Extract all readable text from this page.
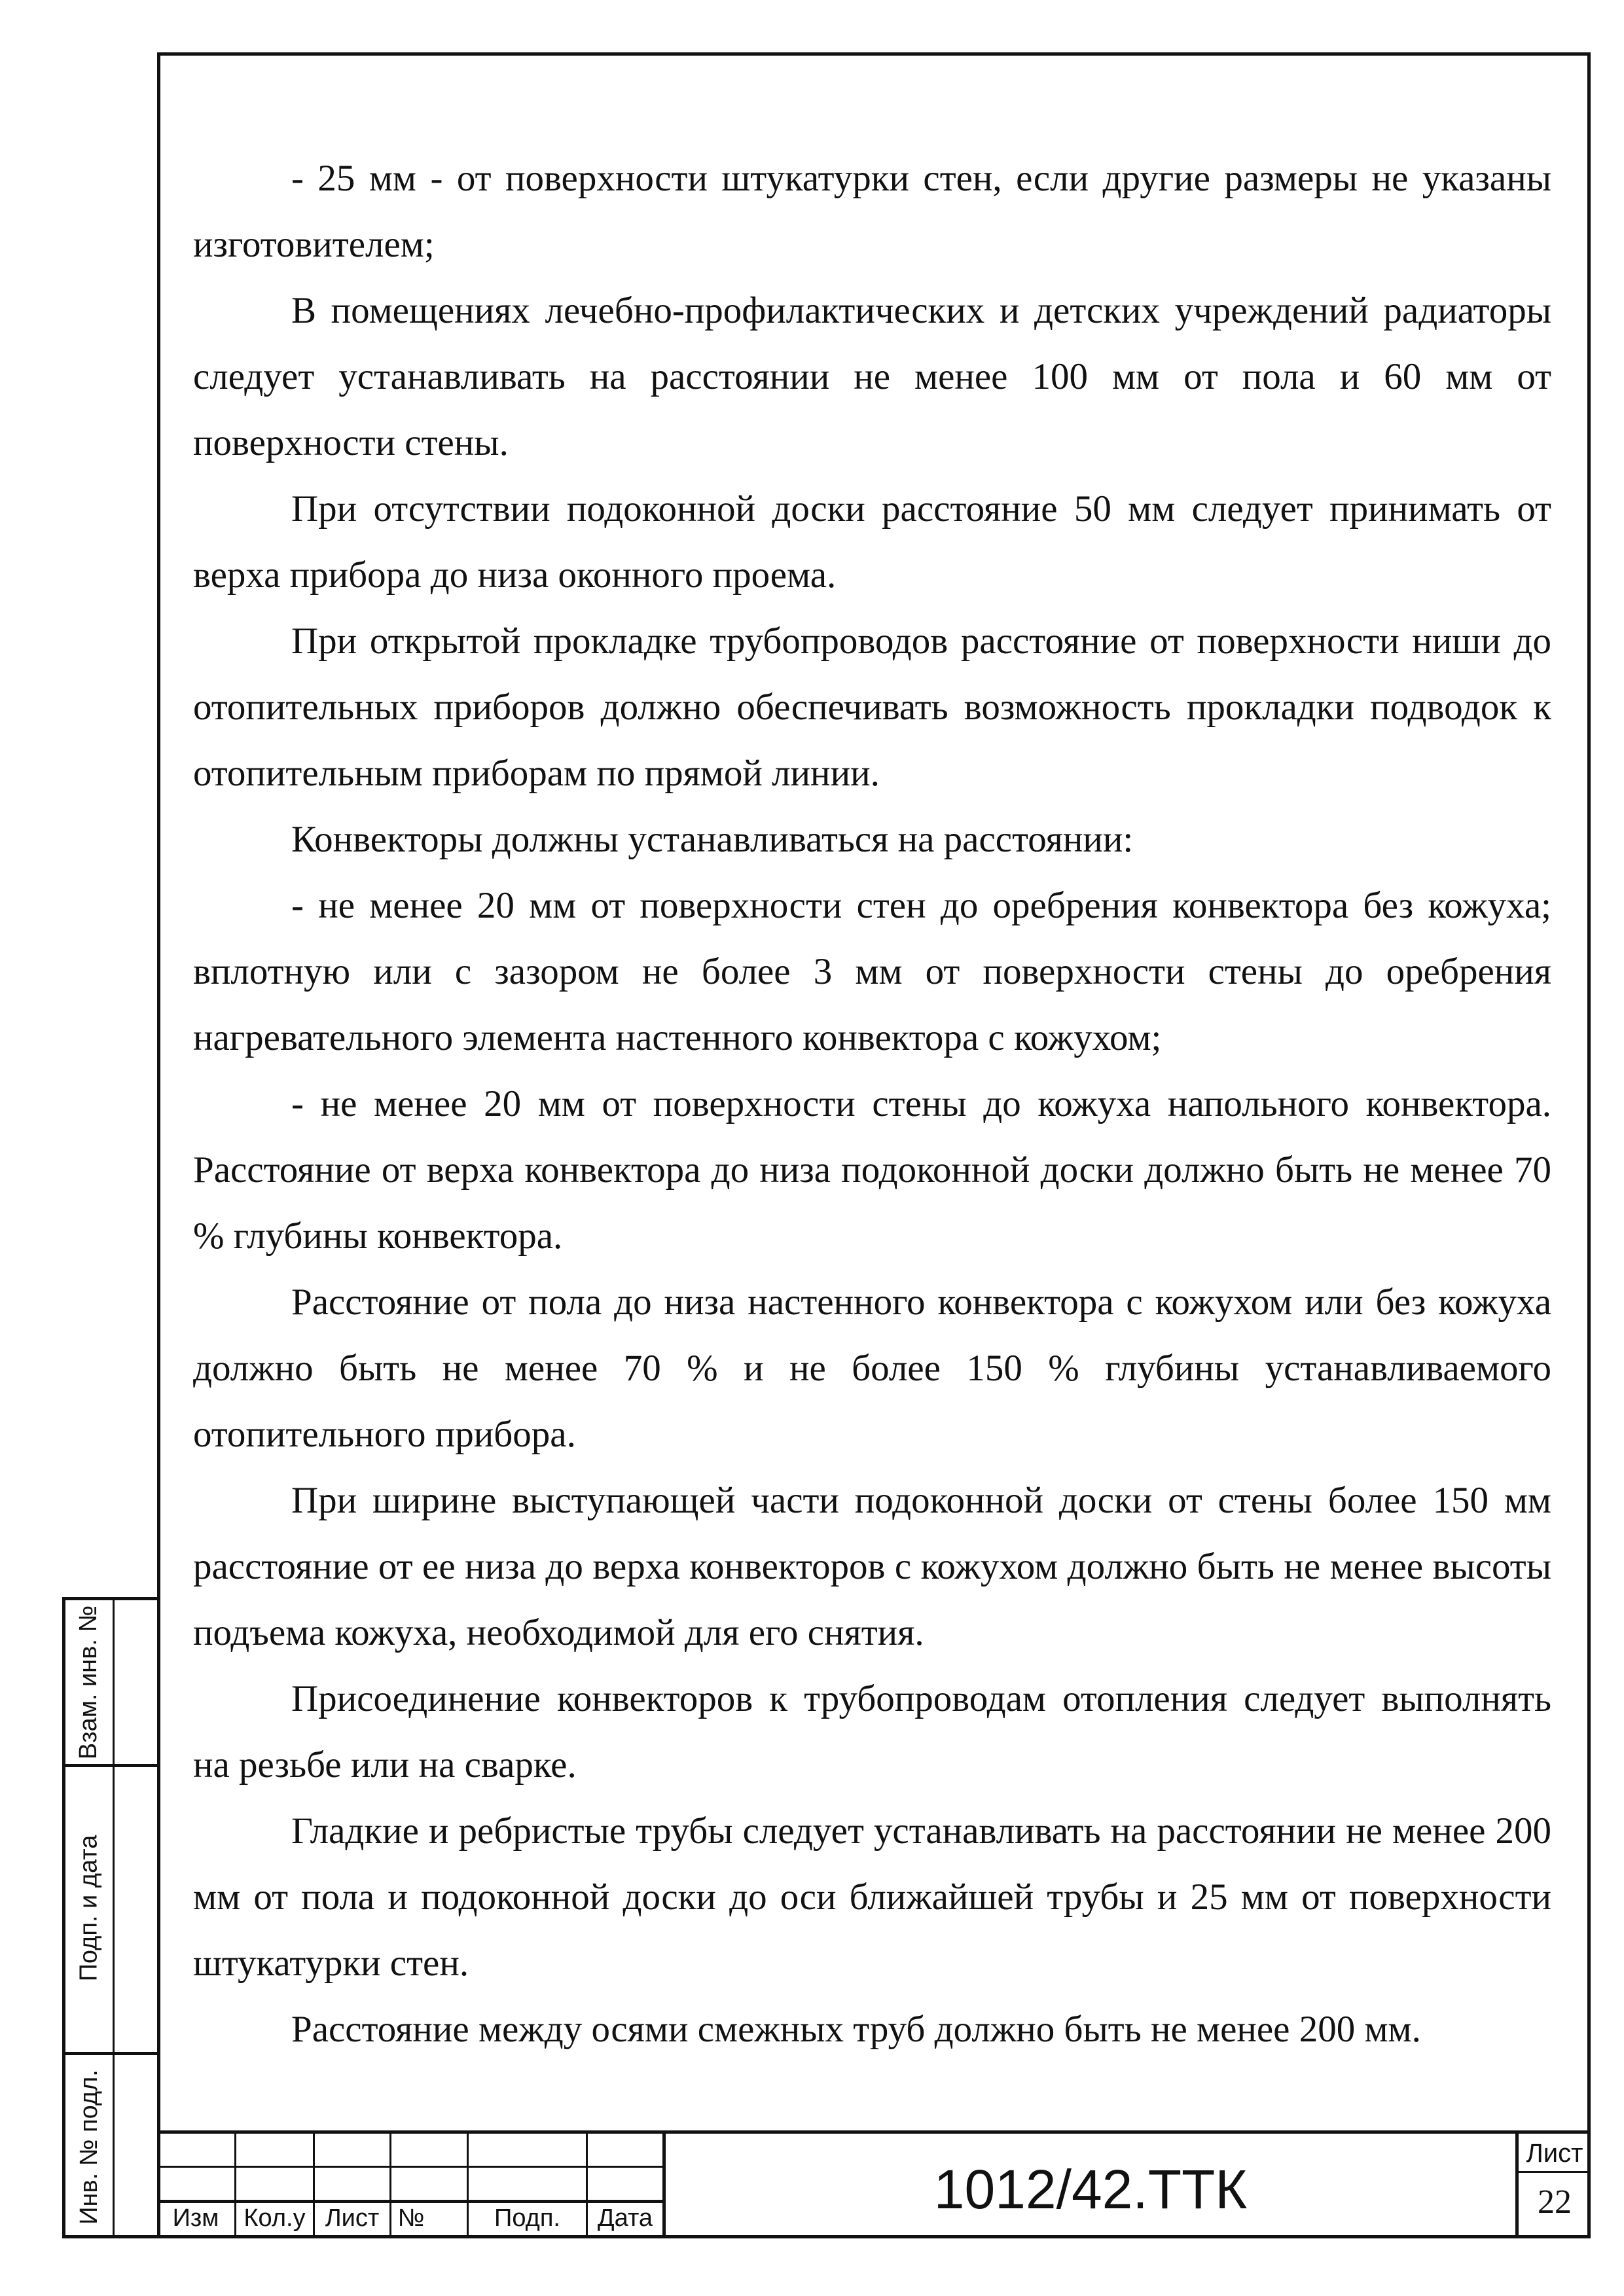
- 25 мм - от поверхности штукатурки стен, если другие размеры не указаны изготовителем;

В помещениях лечебно-профилактических и детских учреждений радиаторы следует устанавливать на расстоянии не менее 100 мм от пола и 60 мм от поверхности стены.

При отсутствии подоконной доски расстояние 50 мм следует принимать от верха прибора до низа оконного проема.

При открытой прокладке трубопроводов расстояние от поверхности ниши до отопительных приборов должно обеспечивать возможность прокладки подводок к отопительным приборам по прямой линии.

Конвекторы должны устанавливаться на расстоянии:

- не менее 20 мм от поверхности стен до оребрения конвектора без кожуха; вплотную или с зазором не более 3 мм от поверхности стены до оребрения нагревательного элемента настенного конвектора с кожухом;

- не менее 20 мм от поверхности стены до кожуха напольного конвектора. Расстояние от верха конвектора до низа подоконной доски должно быть не менее 70 % глубины конвектора.

Расстояние от пола до низа настенного конвектора с кожухом или без кожуха должно быть не менее 70 % и не более 150 % глубины устанавливаемого отопительного прибора.

При ширине выступающей части подоконной доски от стены более 150 мм расстояние от ее низа до верха конвекторов с кожухом должно быть не менее высоты подъема кожуха, необходимой для его снятия.

Присоединение конвекторов к трубопроводам отопления следует выполнять на резьбе или на сварке.

Гладкие и ребристые трубы следует устанавливать на расстоянии не менее 200 мм от пола и подоконной доски до оси ближайшей трубы и 25 мм от поверхности штукатурки стен.

Расстояние между осями смежных труб должно быть не менее 200 мм.

Взам. инв. №
Подп. и дата
Инв. № подл.	Изм Кол.у Лист №	Подп.	Дата	1012/42.ТТК
Лист
22
